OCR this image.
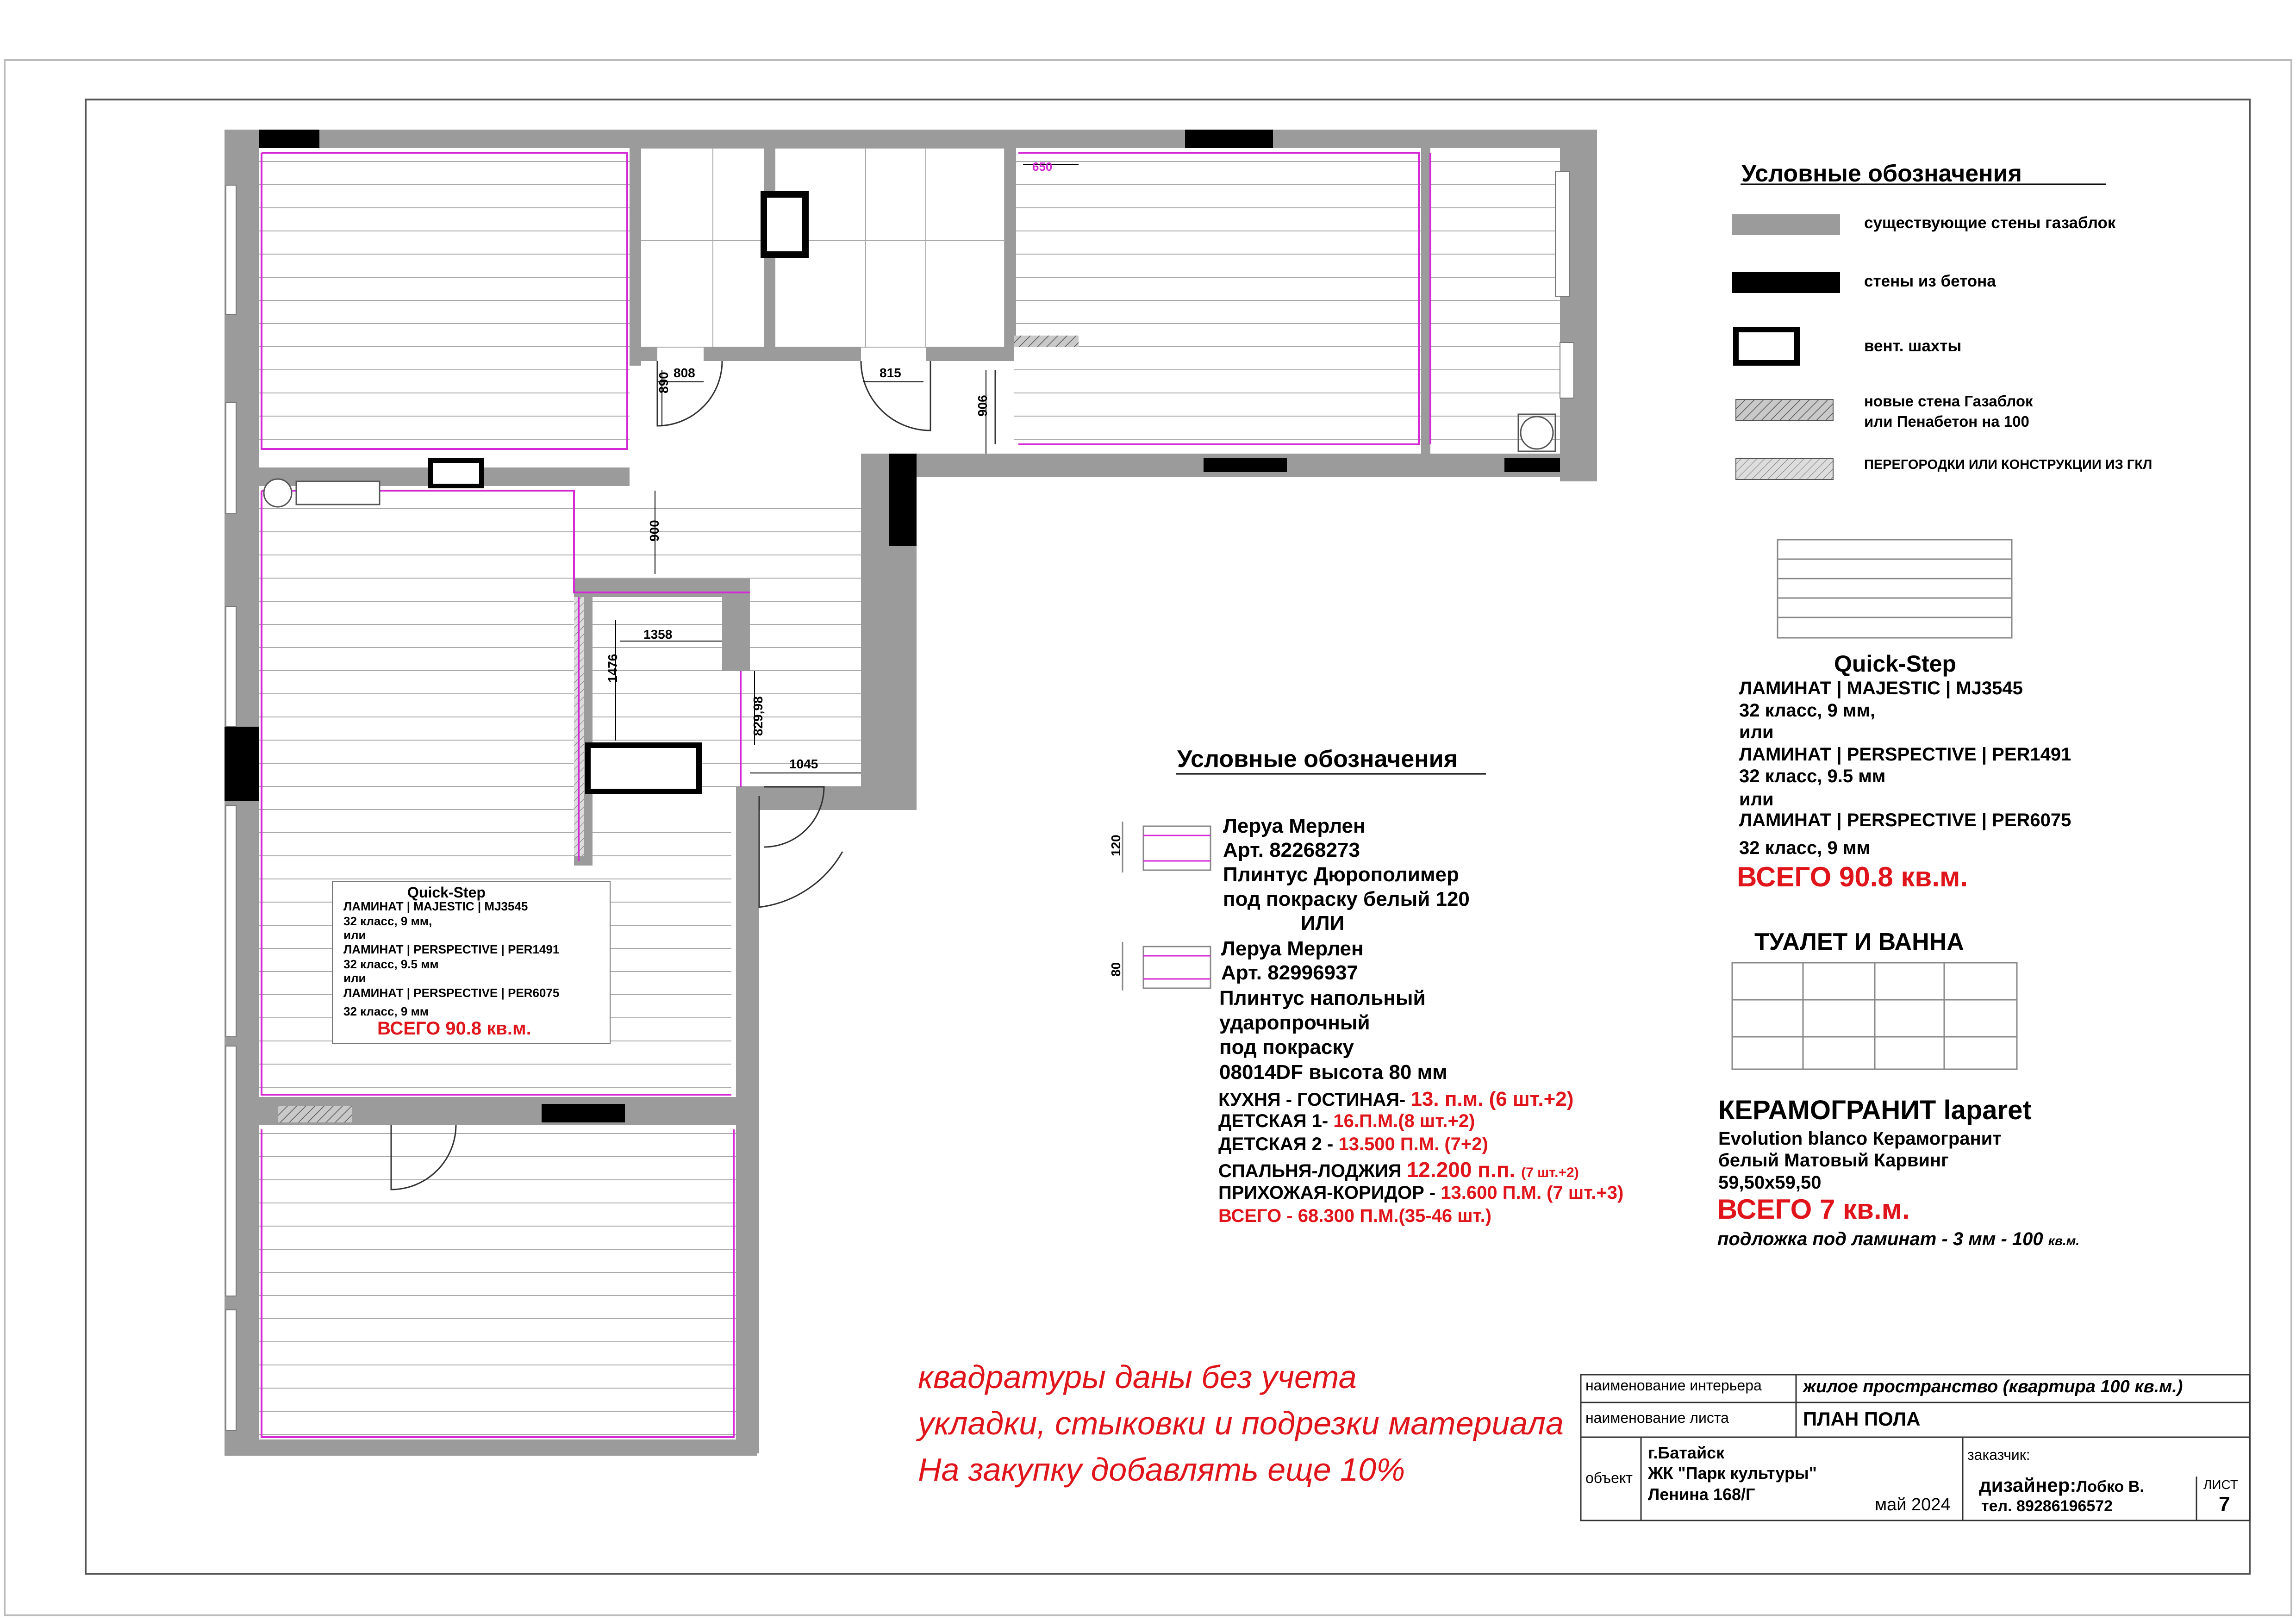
808
890	815
906
650
900
1358
1476
829,98
1045
Quick-Step
ЛАМИНАТ | MAJESTIC | MJ3545
32 класс, 9 мм,
или
ЛАМИНАТ | PERSPECTIVE | PER1491
32 класс, 9.5 мм
или
ЛАМИНАТ | PERSPECTIVE | PER6075
32 класс, 9 мм
ВСЕГО 90.8 кв.м.
Условные обозначения
существующие стены газаблок
стены из бетона
вент. шахты
новые стена Газаблок
или Пенабетон на 100
ПЕРЕГОРОДКИ ИЛИ КОНСТРУКЦИИ ИЗ ГКЛ
Quick-Step
ЛАМИНАТ | MAJESTIC | MJ3545
32 класс, 9 мм,
или
ЛАМИНАТ | PERSPECTIVE | PER1491
32 класс, 9.5 мм
или
ЛАМИНАТ | PERSPECTIVE | PER6075
32 класс, 9 мм
ВСЕГО 90.8 кв.м.
ТУАЛЕТ И ВАННА
КЕРАМОГРАНИТ laparet
Evolution blanco Керамогранит
белый Матовый Карвинг
59,50x59,50
ВСЕГО 7 кв.м.
подложка под ламинат - 3 мм - 100 кв.м.
Условные обозначения
120
80
Леруа Мерлен
Арт. 82268273
Плинтус Дюрополимер
под покраску белый 120
ИЛИ
Леруа Мерлен
Арт. 82996937
Плинтус напольный
ударопрочный
под покраску
08014DF высота 80 мм
КУХНЯ - ГОСТИНАЯ- 13. п.м. (6 шт.+2)
ДЕТСКАЯ 1- 16.П.М.(8 шт.+2)
ДЕТСКАЯ 2 - 13.500 П.М. (7+2)
СПАЛЬНЯ-ЛОДЖИЯ 12.200 п.п. (7 шт.+2)
ПРИХОЖАЯ-КОРИДОР - 13.600 П.М. (7 шт.+3)
ВСЕГО - 68.300 П.М.(35-46 шт.)
квадратуры даны без учета
укладки, стыковки и подрезки материала
На закупку добавлять еще 10%
наименование интерьера жилое пространство (квартира 100 кв.м.)
наименование листа	ПЛАН ПОЛА
объект
г.Батайск
ЖК "Парк культуры"
Ленина 168/Г
май 2024
заказчик:
дизайнер:Лобко В.
тел. 89286196572
ЛИСТ
7
